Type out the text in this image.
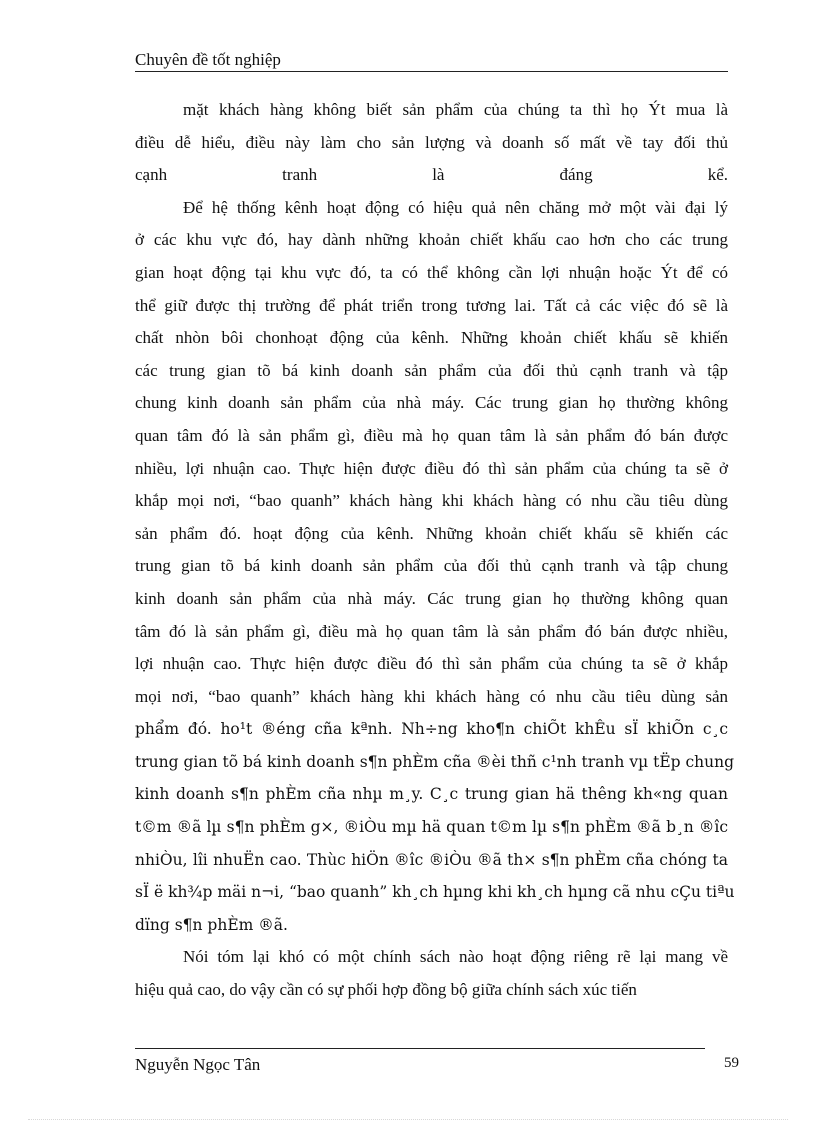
Chuyên đề tốt nghiệp
mặt khách hàng không biết sản phẩm của chúng ta thì họ Ýt mua là
điều dễ hiểu, điều này làm cho sản lượng và doanh số mất về tay đối thủ
cạnh tranh là đáng kể.
Để hệ thống kênh hoạt động có hiệu quả nên chăng mở một vài đại lý
ở các khu vực đó, hay dành những khoản chiết khấu cao hơn cho các trung
gian hoạt động tại khu vực đó, ta có thể không cần lợi nhuận hoặc Ýt để có
thể giữ được thị trường để phát triển trong tương lai. Tất cả các việc đó sẽ là
chất nhòn bôi chonhoạt động của kênh. Những khoản chiết khấu sẽ khiến
các trung gian tõ bá kinh doanh sản phẩm của đối thủ cạnh tranh và tập
chung kinh doanh sản phẩm của nhà máy. Các trung gian họ thường không
quan tâm đó là sản phẩm gì, điều mà họ quan tâm là sản phẩm đó bán được
nhiều, lợi nhuận cao. Thực hiện được điều đó thì sản phẩm của chúng ta sẽ ở
khắp mọi nơi, “bao quanh” khách hàng khi khách hàng có nhu cầu tiêu dùng
sản phẩm đó. hoạt động của kênh. Những khoản chiết khấu sẽ khiến các
trung gian tõ bá kinh doanh sản phẩm của đối thủ cạnh tranh và tập chung
kinh doanh sản phẩm của nhà máy. Các trung gian họ thường không quan
tâm đó là sản phẩm gì, điều mà họ quan tâm là sản phẩm đó bán được nhiều,
lợi nhuận cao. Thực hiện được điều đó thì sản phẩm của chúng ta sẽ ở khắp
mọi nơi, “bao quanh” khách hàng khi khách hàng có nhu cầu tiêu dùng sản
phẩm đó. ho¹t ®éng cña kªnh. Nh÷ng kho¶n chiÕt khÊu sÏ khiÕn c¸c
trung gian tõ bá kinh doanh s¶n phÈm cña ®èi thñ c¹nh tranh vµ tËp chung
kinh doanh s¶n phÈm cña nhµ m¸y. C¸c trung gian hä thêng kh«ng quan
t©m ®ã lµ s¶n phÈm g×, ®iÒu mµ hä quan t©m lµ s¶n phÈm ®ã b¸n ®îc
nhiÒu, lîi nhuËn cao. Thùc hiÖn ®îc ®iÒu ®ã th× s¶n phÈm cña chóng ta
sÏ ë kh¾p mäi n¬i, “bao quanh” kh¸ch hµng khi kh¸ch hµng cã nhu cÇu tiªu
dïng s¶n phÈm ®ã.
Nói tóm lại khó có một chính sách nào hoạt động riêng rẽ lại mang về
hiệu quả cao, do vậy cần có sự phối hợp đồng bộ giữa chính sách xúc tiến
Nguyễn Ngọc Tân	59
